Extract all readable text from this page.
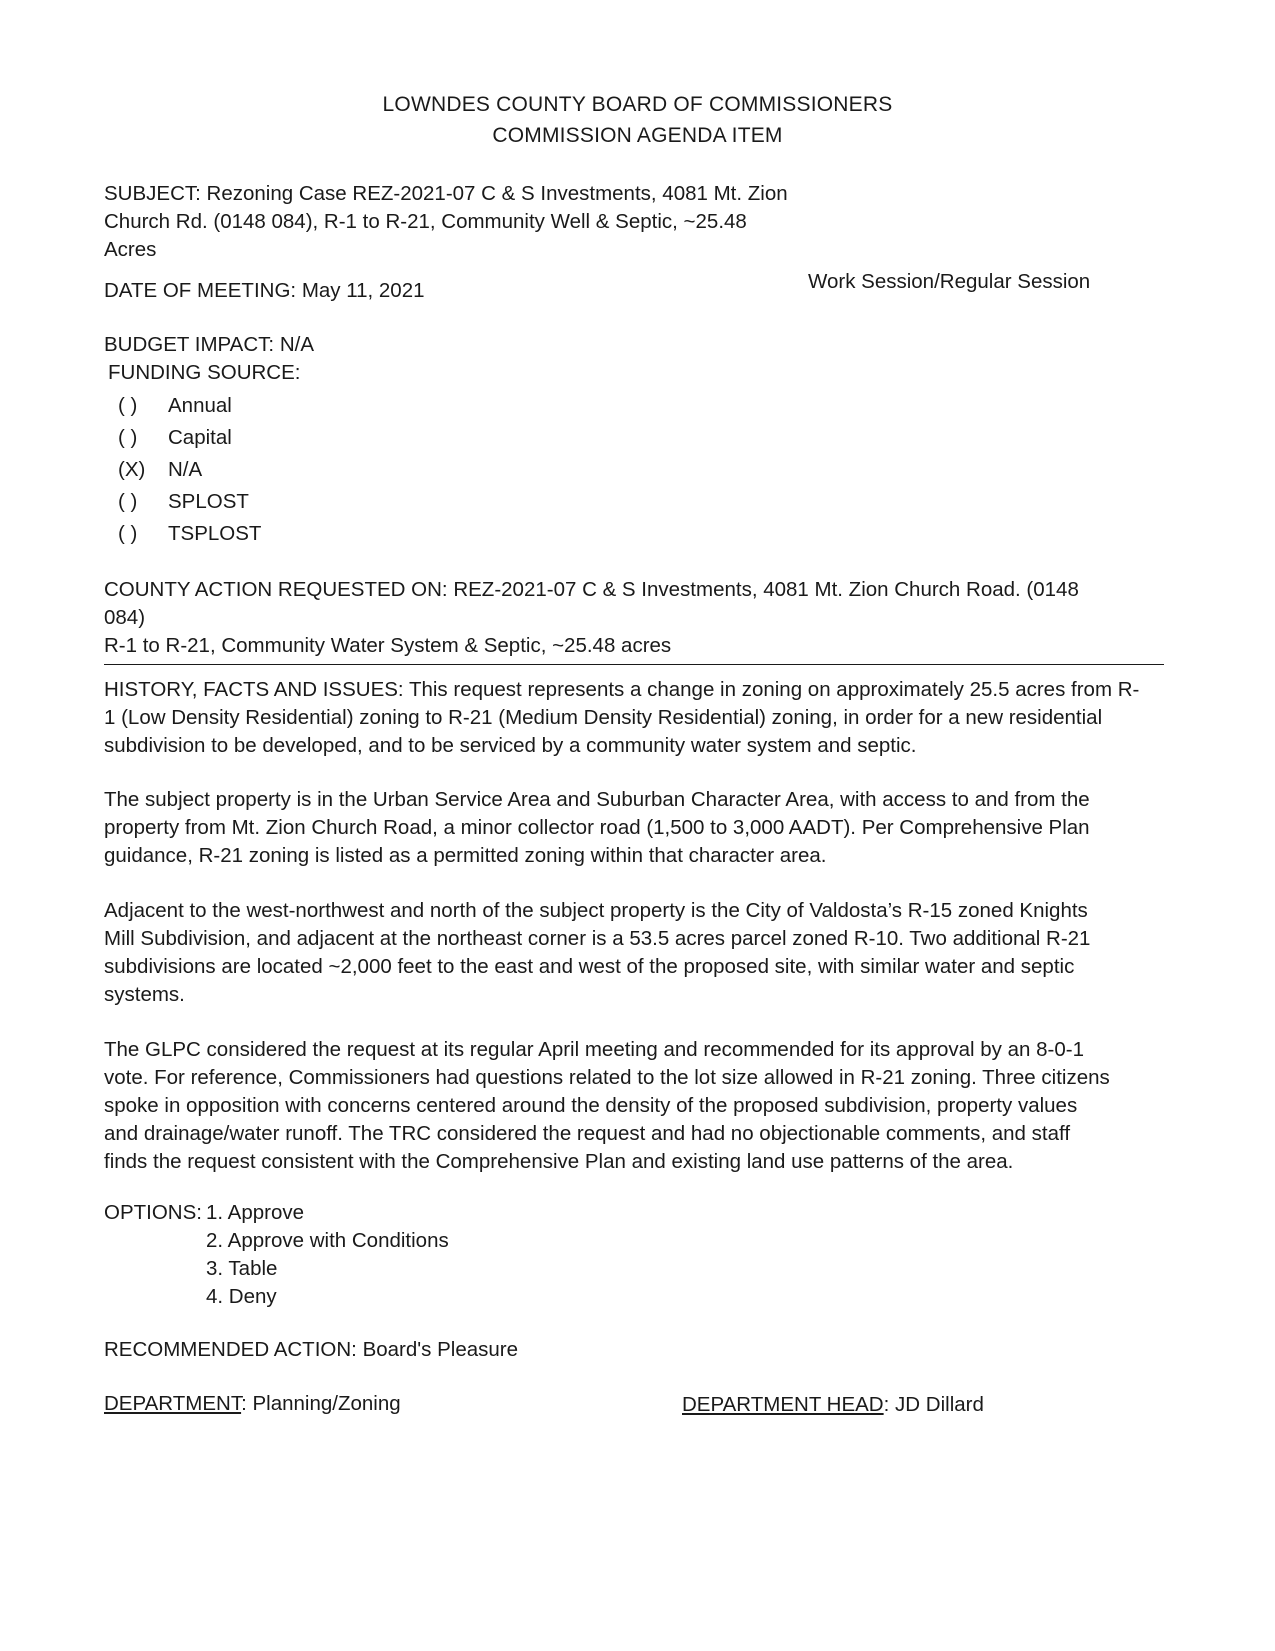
LOWNDES COUNTY BOARD OF COMMISSIONERS
COMMISSION AGENDA ITEM

SUBJECT: Rezoning Case REZ-2021-07 C & S Investments, 4081 Mt. Zion

Church Rd. (0148 084), R-1 to R-21, Community Well & Septic, ~25.48

Acres

DATE OF MEETING: May 11, 2021	Work Session/Regular Session
BUDGET IMPACT: N/A
FUNDING SOURCE:
( )	Annual
( )	Capital
(X)	N/A
( )	SPLOST
( )	TSPLOST

COUNTY ACTION REQUESTED ON: REZ-2021-07 C & S Investments, 4081 Mt. Zion Church Road. (0148

084)

R-1 to R-21, Community Water System & Septic, ~25.48 acres

HISTORY, FACTS AND ISSUES: This request represents a change in zoning on approximately 25.5 acres from R-

1 (Low Density Residential) zoning to R-21 (Medium Density Residential) zoning, in order for a new residential

subdivision to be developed, and to be serviced by a community water system and septic.

The subject property is in the Urban Service Area and Suburban Character Area, with access to and from the

property from Mt. Zion Church Road, a minor collector road (1,500 to 3,000 AADT). Per Comprehensive Plan

guidance, R-21 zoning is listed as a permitted zoning within that character area.

Adjacent to the west-northwest and north of the subject property is the City of Valdosta’s R-15 zoned Knights

Mill Subdivision, and adjacent at the northeast corner is a 53.5 acres parcel zoned R-10. Two additional R-21

subdivisions are located ~2,000 feet to the east and west of the proposed site, with similar water and septic

systems.

The GLPC considered the request at its regular April meeting and recommended for its approval by an 8-0-1

vote. For reference, Commissioners had questions related to the lot size allowed in R-21 zoning. Three citizens

spoke in opposition with concerns centered around the density of the proposed subdivision, property values

and drainage/water runoff. The TRC considered the request and had no objectionable comments, and staff

finds the request consistent with the Comprehensive Plan and existing land use patterns of the area.

OPTIONS: 1. Approve
2. Approve with Conditions
3. Table
4. Deny
RECOMMENDED ACTION: Board's Pleasure
DEPARTMENT: Planning/Zoning	DEPARTMENT HEAD: JD Dillard
